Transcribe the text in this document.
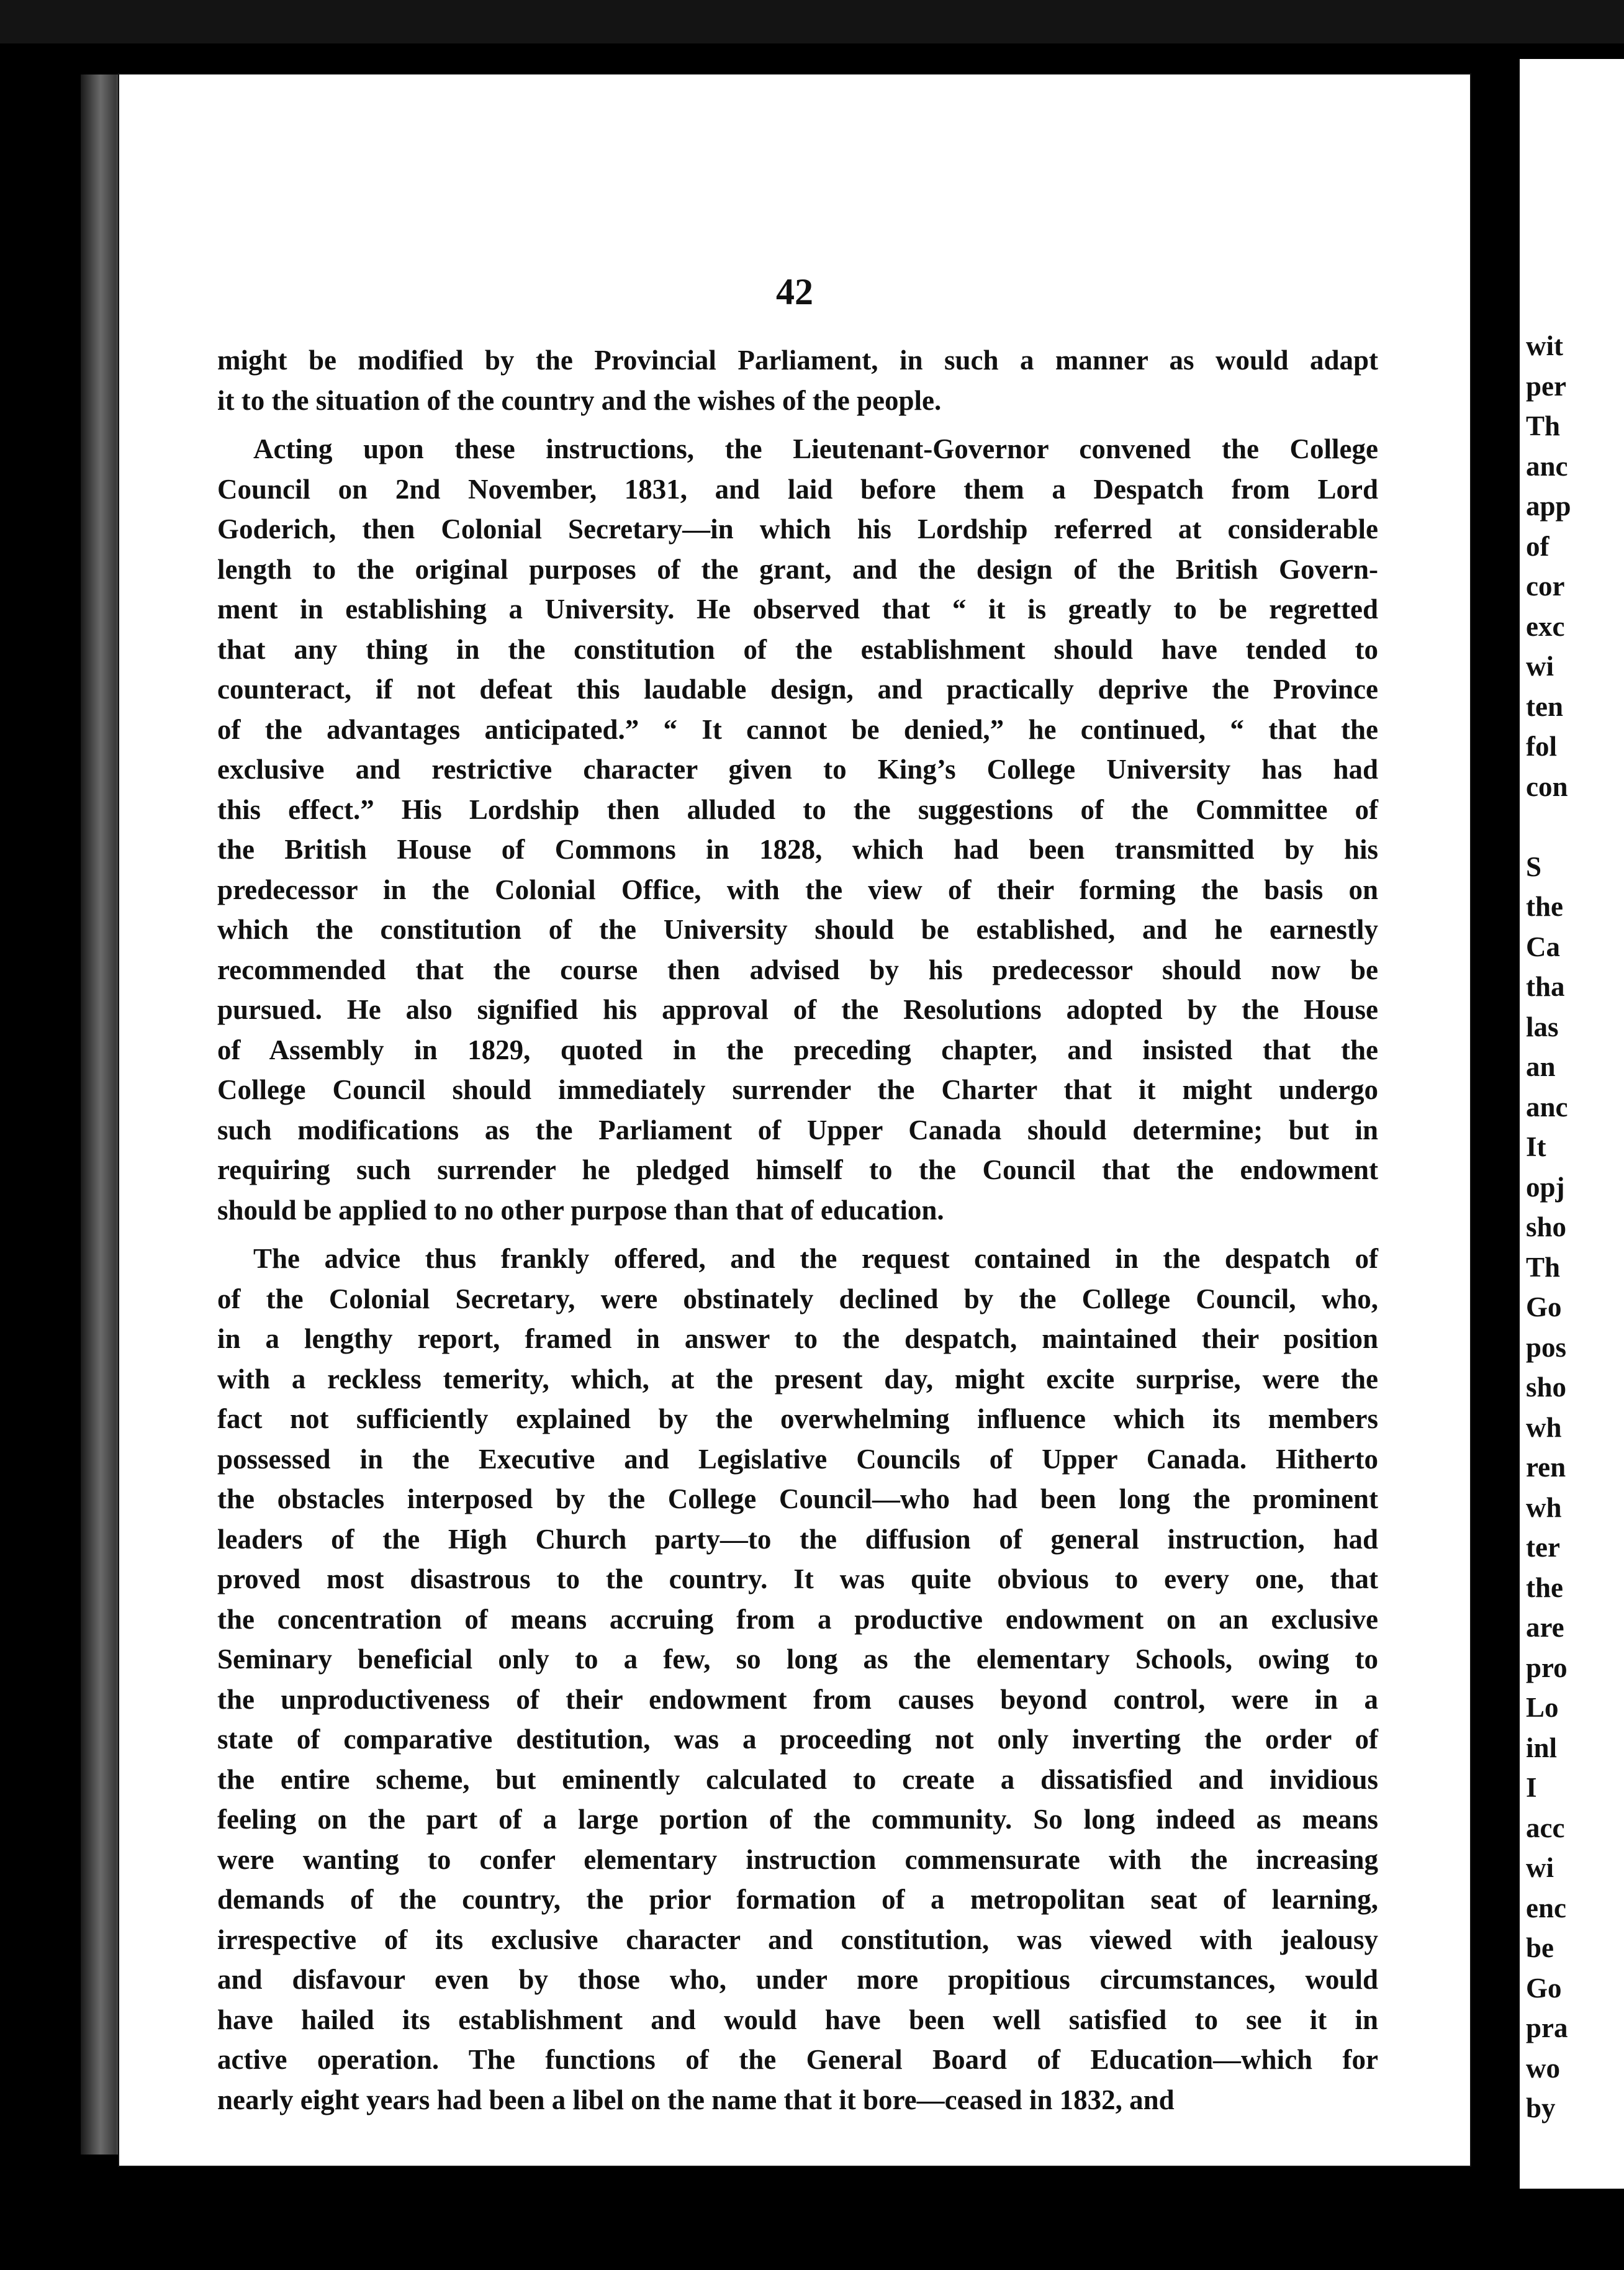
42
might be modified by the Provincial Parliament, in such a manner as would adapt
it to the situation of the country and the wishes of the people.
Acting upon these instructions, the Lieutenant-Governor convened the College
Council on 2nd November, 1831, and laid before them a Despatch from Lord
Goderich, then Colonial Secretary—in which his Lordship referred at considerable
length to the original purposes of the grant, and the design of the British Govern-
ment in establishing a University. He observed that “ it is greatly to be regretted
that any thing in the constitution of the establishment should have tended to
counteract, if not defeat this laudable design, and practically deprive the Province
of the advantages anticipated.” “ It cannot be denied,” he continued, “ that the
exclusive and restrictive character given to King’s College University has had
this effect.” His Lordship then alluded to the suggestions of the Committee of
the British House of Commons in 1828, which had been transmitted by his
predecessor in the Colonial Office, with the view of their forming the basis on
which the constitution of the University should be established, and he earnestly
recommended that the course then advised by his predecessor should now be
pursued. He also signified his approval of the Resolutions adopted by the House
of Assembly in 1829, quoted in the preceding chapter, and insisted that the
College Council should immediately surrender the Charter that it might undergo
such modifications as the Parliament of Upper Canada should determine; but in
requiring such surrender he pledged himself to the Council that the endowment
should be applied to no other purpose than that of education.
The advice thus frankly offered, and the request contained in the despatch of
of the Colonial Secretary, were obstinately declined by the College Council, who,
in a lengthy report, framed in answer to the despatch, maintained their position
with a reckless temerity, which, at the present day, might excite surprise, were the
fact not sufficiently explained by the overwhelming influence which its members
possessed in the Executive and Legislative Councils of Upper Canada. Hitherto
the obstacles interposed by the College Council—who had been long the prominent
leaders of the High Church party—to the diffusion of general instruction, had
proved most disastrous to the country. It was quite obvious to every one, that
the concentration of means accruing from a productive endowment on an exclusive
Seminary beneficial only to a few, so long as the elementary Schools, owing to
the unproductiveness of their endowment from causes beyond control, were in a
state of comparative destitution, was a proceeding not only inverting the order of
the entire scheme, but eminently calculated to create a dissatisfied and invidious
feeling on the part of a large portion of the community. So long indeed as means
were wanting to confer elementary instruction commensurate with the increasing
demands of the country, the prior formation of a metropolitan seat of learning,
irrespective of its exclusive character and constitution, was viewed with jealousy
and disfavour even by those who, under more propitious circumstances, would
have hailed its establishment and would have been well satisfied to see it in
active operation. The functions of the General Board of Education—which for
nearly eight years had been a libel on the name that it bore—ceased in 1832, and
wit
per
Th
anc
app
of
cor
exc
wi
ten
fol
con

S
the
Ca
tha
las
an
anc
It
opj
sho
Th
Go
pos
sho
wh
ren
wh
ter
the
are
pro
Lo
inl
I
acc
wi
enc
be
Go
pra
wo
by
